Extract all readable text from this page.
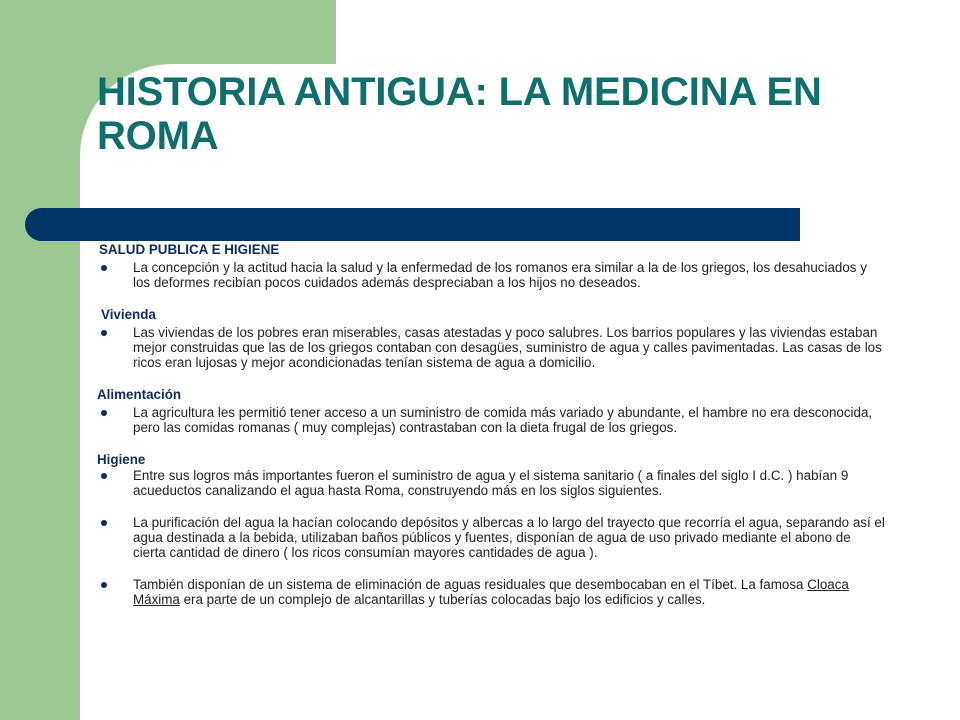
HISTORIA ANTIGUA: LA MEDICINA EN ROMA
SALUD PUBLICA E HIGIENE
La concepción y la actitud hacia la salud y la enfermedad de los romanos era similar a la de los griegos, los desahuciados y los deformes recibían pocos cuidados además despreciaban a los hijos no deseados.
Vivienda
Las viviendas de los pobres eran miserables, casas atestadas y poco salubres. Los barrios populares y las viviendas estaban mejor construidas que las de los griegos contaban con desagües, suministro de agua y calles pavimentadas. Las casas de los ricos eran lujosas y mejor acondicionadas tenían sistema de agua a domicilio.
Alimentación
La agricultura les permitió tener acceso a un suministro de comida más variado y abundante, el hambre no era desconocida, pero las comidas romanas ( muy complejas) contrastaban con la dieta frugal de los griegos.
Higiene
Entre sus logros más importantes fueron el suministro de agua y el sistema sanitario ( a finales del siglo I d.C. ) habían 9 acueductos canalizando el agua hasta Roma, construyendo más en los siglos siguientes.
La purificación del agua la hacían colocando depósitos y albercas a lo largo del trayecto que recorría el agua, separando así el agua destinada a la bebida, utilizaban baños públicos y fuentes, disponían de agua de uso privado mediante el abono de cierta cantidad de dinero ( los ricos consumían mayores cantidades de agua ).
También disponían de un sistema de eliminación de aguas residuales que desembocaban en el Tíbet. La famosa Cloaca Máxima era parte de un complejo de alcantarillas y tuberías colocadas bajo los edificios y calles.
